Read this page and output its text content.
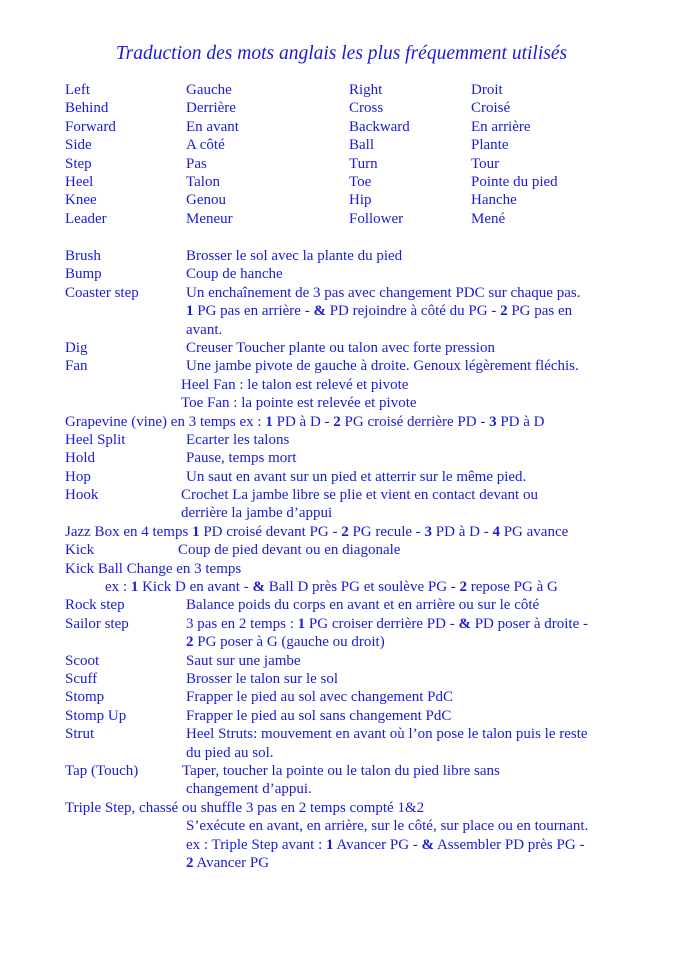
Traduction des mots anglais les plus fréquemment utilisés
Left	Gauche	Right	Droit
Behind	Derrière	Cross	Croisé
Forward	En avant	Backward	En arrière
Side	A côté	Ball	Plante
Step	Pas	Turn	Tour
Heel	Talon	Toe	Pointe du pied
Knee	Genou	Hip	Hanche
Leader	Meneur	Follower	Mené
Brush	Brosser le sol avec la plante du pied
Bump	Coup de hanche
Coaster step	Un enchaînement de 3 pas avec changement PDC sur chaque pas.
1 PG pas en arrière - & PD rejoindre à côté du PG - 2 PG pas en
avant.
Dig	Creuser Toucher plante ou talon avec forte pression
Fan	Une jambe pivote de gauche à droite. Genoux légèrement fléchis.
Heel Fan : le talon est relevé et pivote
Toe Fan : la pointe est relevée et pivote
Grapevine (vine) en 3 temps ex : 1 PD à D - 2 PG croisé derrière PD - 3 PD à D
Heel Split	Ecarter les talons
Hold	Pause, temps mort
Hop	Un saut en avant sur un pied et atterrir sur le même pied.
Hook	Crochet La jambe libre se plie et vient en contact devant ou
derrière la jambe d’appui
Jazz Box en 4 temps 1 PD croisé devant PG - 2 PG recule - 3 PD à D - 4 PG avance
Kick	Coup de pied devant ou en diagonale
Kick Ball Change en 3 temps
ex : 1 Kick D en avant - & Ball D près PG et soulève PG - 2 repose PG à G
Rock step	Balance poids du corps en avant et en arrière ou sur le côté
Sailor step	3 pas en 2 temps : 1 PG croiser derrière PD - & PD poser à droite -
2 PG poser à G (gauche ou droit)
Scoot	Saut sur une jambe
Scuff	Brosser le talon sur le sol
Stomp	Frapper le pied au sol avec changement PdC
Stomp Up	Frapper le pied au sol sans changement PdC
Strut	Heel Struts: mouvement en avant où l’on pose le talon puis le reste
du pied au sol.
Tap (Touch)	Taper, toucher la pointe ou le talon du pied libre sans
changement d’appui.
Triple Step, chassé ou shuffle 3 pas en 2 temps compté 1&2
S’exécute en avant, en arrière, sur le côté, sur place ou en tournant.
ex : Triple Step avant : 1 Avancer PG - & Assembler PD près PG -
2 Avancer PG
